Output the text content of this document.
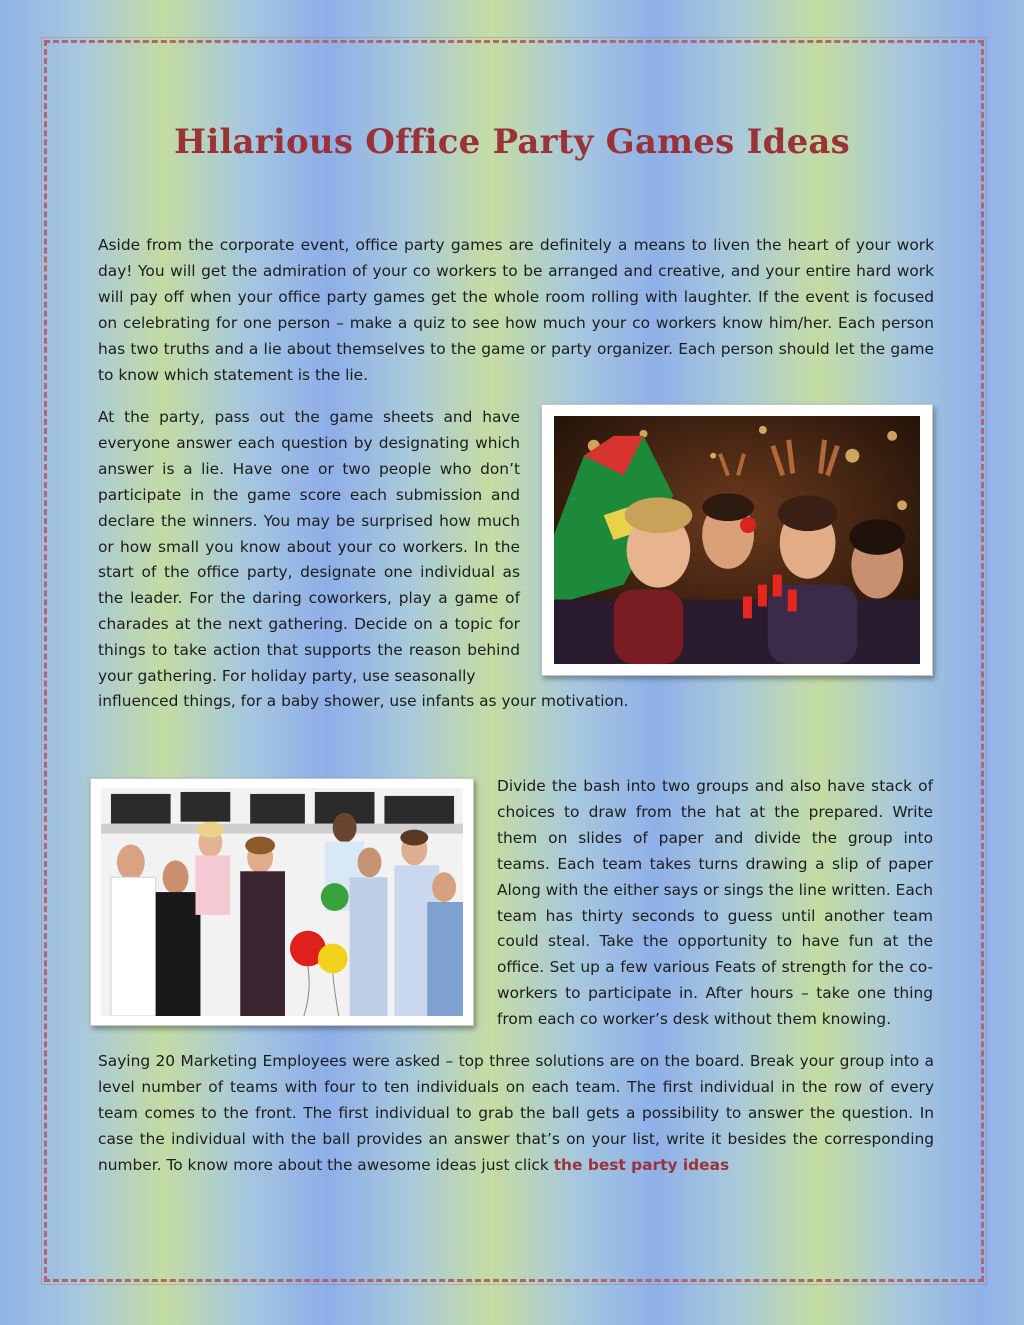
Hilarious Office Party Games Ideas

Aside from the corporate event, office party games are definitely a means to liven the heart of your work day! You will get the admiration of your co workers to be arranged and creative, and your entire hard work will pay off when your office party games get the whole room rolling with laughter. If the event is focused on celebrating for one person – make a quiz to see how much your co workers know him/her. Each person has two truths and a lie about themselves to the game or party organizer. Each person should let the game to know which statement is the lie.

At the party, pass out the game sheets and have everyone answer each question by designating which answer is a lie. Have one or two people who don’t participate in the game score each submission and declare the winners. You may be surprised how much or how small you know about your co workers. In the start of the office party, designate one individual as the leader. For the daring coworkers, play a game of charades at the next gathering. Decide on a topic for things to take action that supports the reason behind your gathering. For holiday party, use seasonally

influenced things, for a baby shower, use infants as your motivation.

Divide the bash into two groups and also have stack of choices to draw from the hat at the prepared. Write them on slides of paper and divide the group into teams. Each team takes turns drawing a slip of paper Along with the either says or sings the line written. Each team has thirty seconds to guess until another team could steal. Take the opportunity to have fun at the office. Set up a few various Feats of strength for the co-workers to participate in. After hours – take one thing from each co worker’s desk without them knowing.

Saying 20 Marketing Employees were asked – top three solutions are on the board. Break your group into a level number of teams with four to ten individuals on each team. The first individual in the row of every team comes to the front. The first individual to grab the ball gets a possibility to answer the question. In case the individual with the ball provides an answer that’s on your list, write it besides the corresponding number. To know more about the awesome ideas just click the best party ideas
